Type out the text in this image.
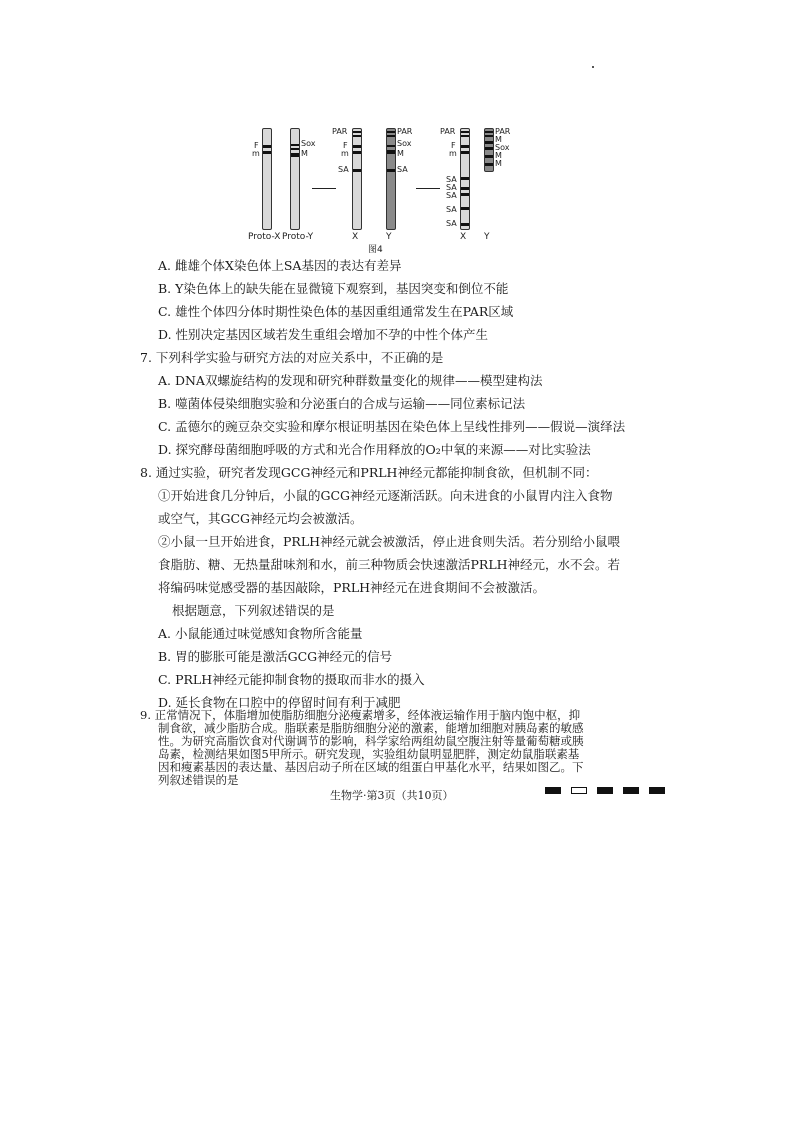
F
m
Proto-X
Sox
M
Proto-Y
PAR
F
m
SA
X
PAR
Sox
M
SA
Y
PAR
F
m
SA
SA
SA
SA
SA
X
PAR
M
Sox
M
M
Y
图4
A. 雌雄个体X染色体上SA基因的表达有差异
B. Y染色体上的缺失能在显微镜下观察到，基因突变和倒位不能
C. 雄性个体四分体时期性染色体的基因重组通常发生在PAR区域
D. 性别决定基因区域若发生重组会增加不孕的中性个体产生
7. 下列科学实验与研究方法的对应关系中，不正确的是
A. DNA双螺旋结构的发现和研究种群数量变化的规律——模型建构法
B. 噬菌体侵染细胞实验和分泌蛋白的合成与运输——同位素标记法
C. 孟德尔的豌豆杂交实验和摩尔根证明基因在染色体上呈线性排列——假说—演绎法
D. 探究酵母菌细胞呼吸的方式和光合作用释放的O₂中氧的来源——对比实验法
8. 通过实验，研究者发现GCG神经元和PRLH神经元都能抑制食欲，但机制不同：
①开始进食几分钟后，小鼠的GCG神经元逐渐活跃。向未进食的小鼠胃内注入食物
或空气，其GCG神经元均会被激活。
②小鼠一旦开始进食，PRLH神经元就会被激活，停止进食则失活。若分别给小鼠喂
食脂肪、糖、无热量甜味剂和水，前三种物质会快速激活PRLH神经元，水不会。若
将编码味觉感受器的基因敲除，PRLH神经元在进食期间不会被激活。
根据题意，下列叙述错误的是
A. 小鼠能通过味觉感知食物所含能量
B. 胃的膨胀可能是激活GCG神经元的信号
C. PRLH神经元能抑制食物的摄取而非水的摄入
D. 延长食物在口腔中的停留时间有利于减肥
9. 正常情况下，体脂增加使脂肪细胞分泌瘦素增多，经体液运输作用于脑内饱中枢，抑
制食欲，减少脂肪合成。脂联素是脂肪细胞分泌的激素，能增加细胞对胰岛素的敏感
性。为研究高脂饮食对代谢调节的影响，科学家给两组幼鼠空腹注射等量葡萄糖或胰
生物学·第3页（共10页）
岛素，检测结果如图5甲所示。研究发现，实验组幼鼠明显肥胖，测定幼鼠脂联素基
因和瘦素基因的表达量、基因启动子所在区域的组蛋白甲基化水平，结果如图乙。下
列叙述错误的是
